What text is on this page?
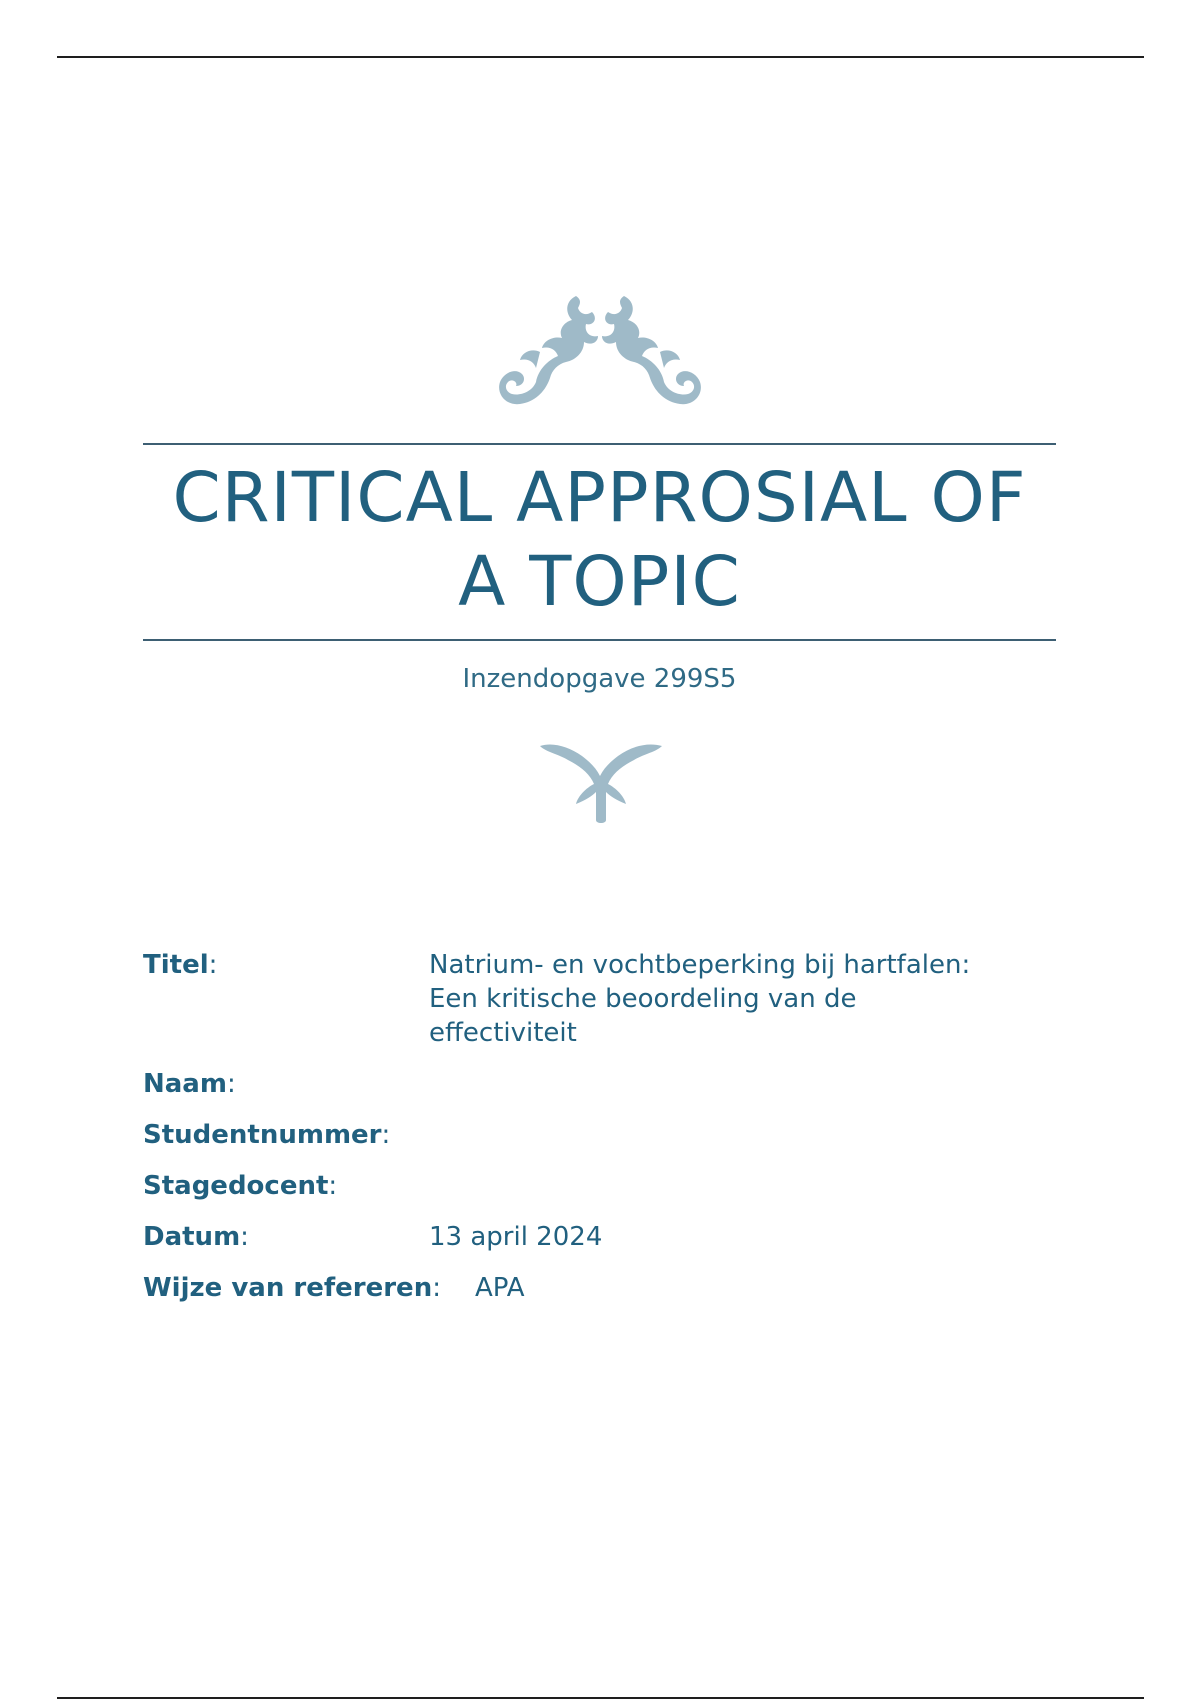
CRITICAL APPROSIAL OF
A TOPIC
Inzendopgave 299S5
Titel:	Natrium- en vochtbeperking bij hartfalen:
Een kritische beoordeling van de
effectiviteit
Naam:
Studentnummer:
Stagedocent:
Datum:	13 april 2024
Wijze van refereren: APA
